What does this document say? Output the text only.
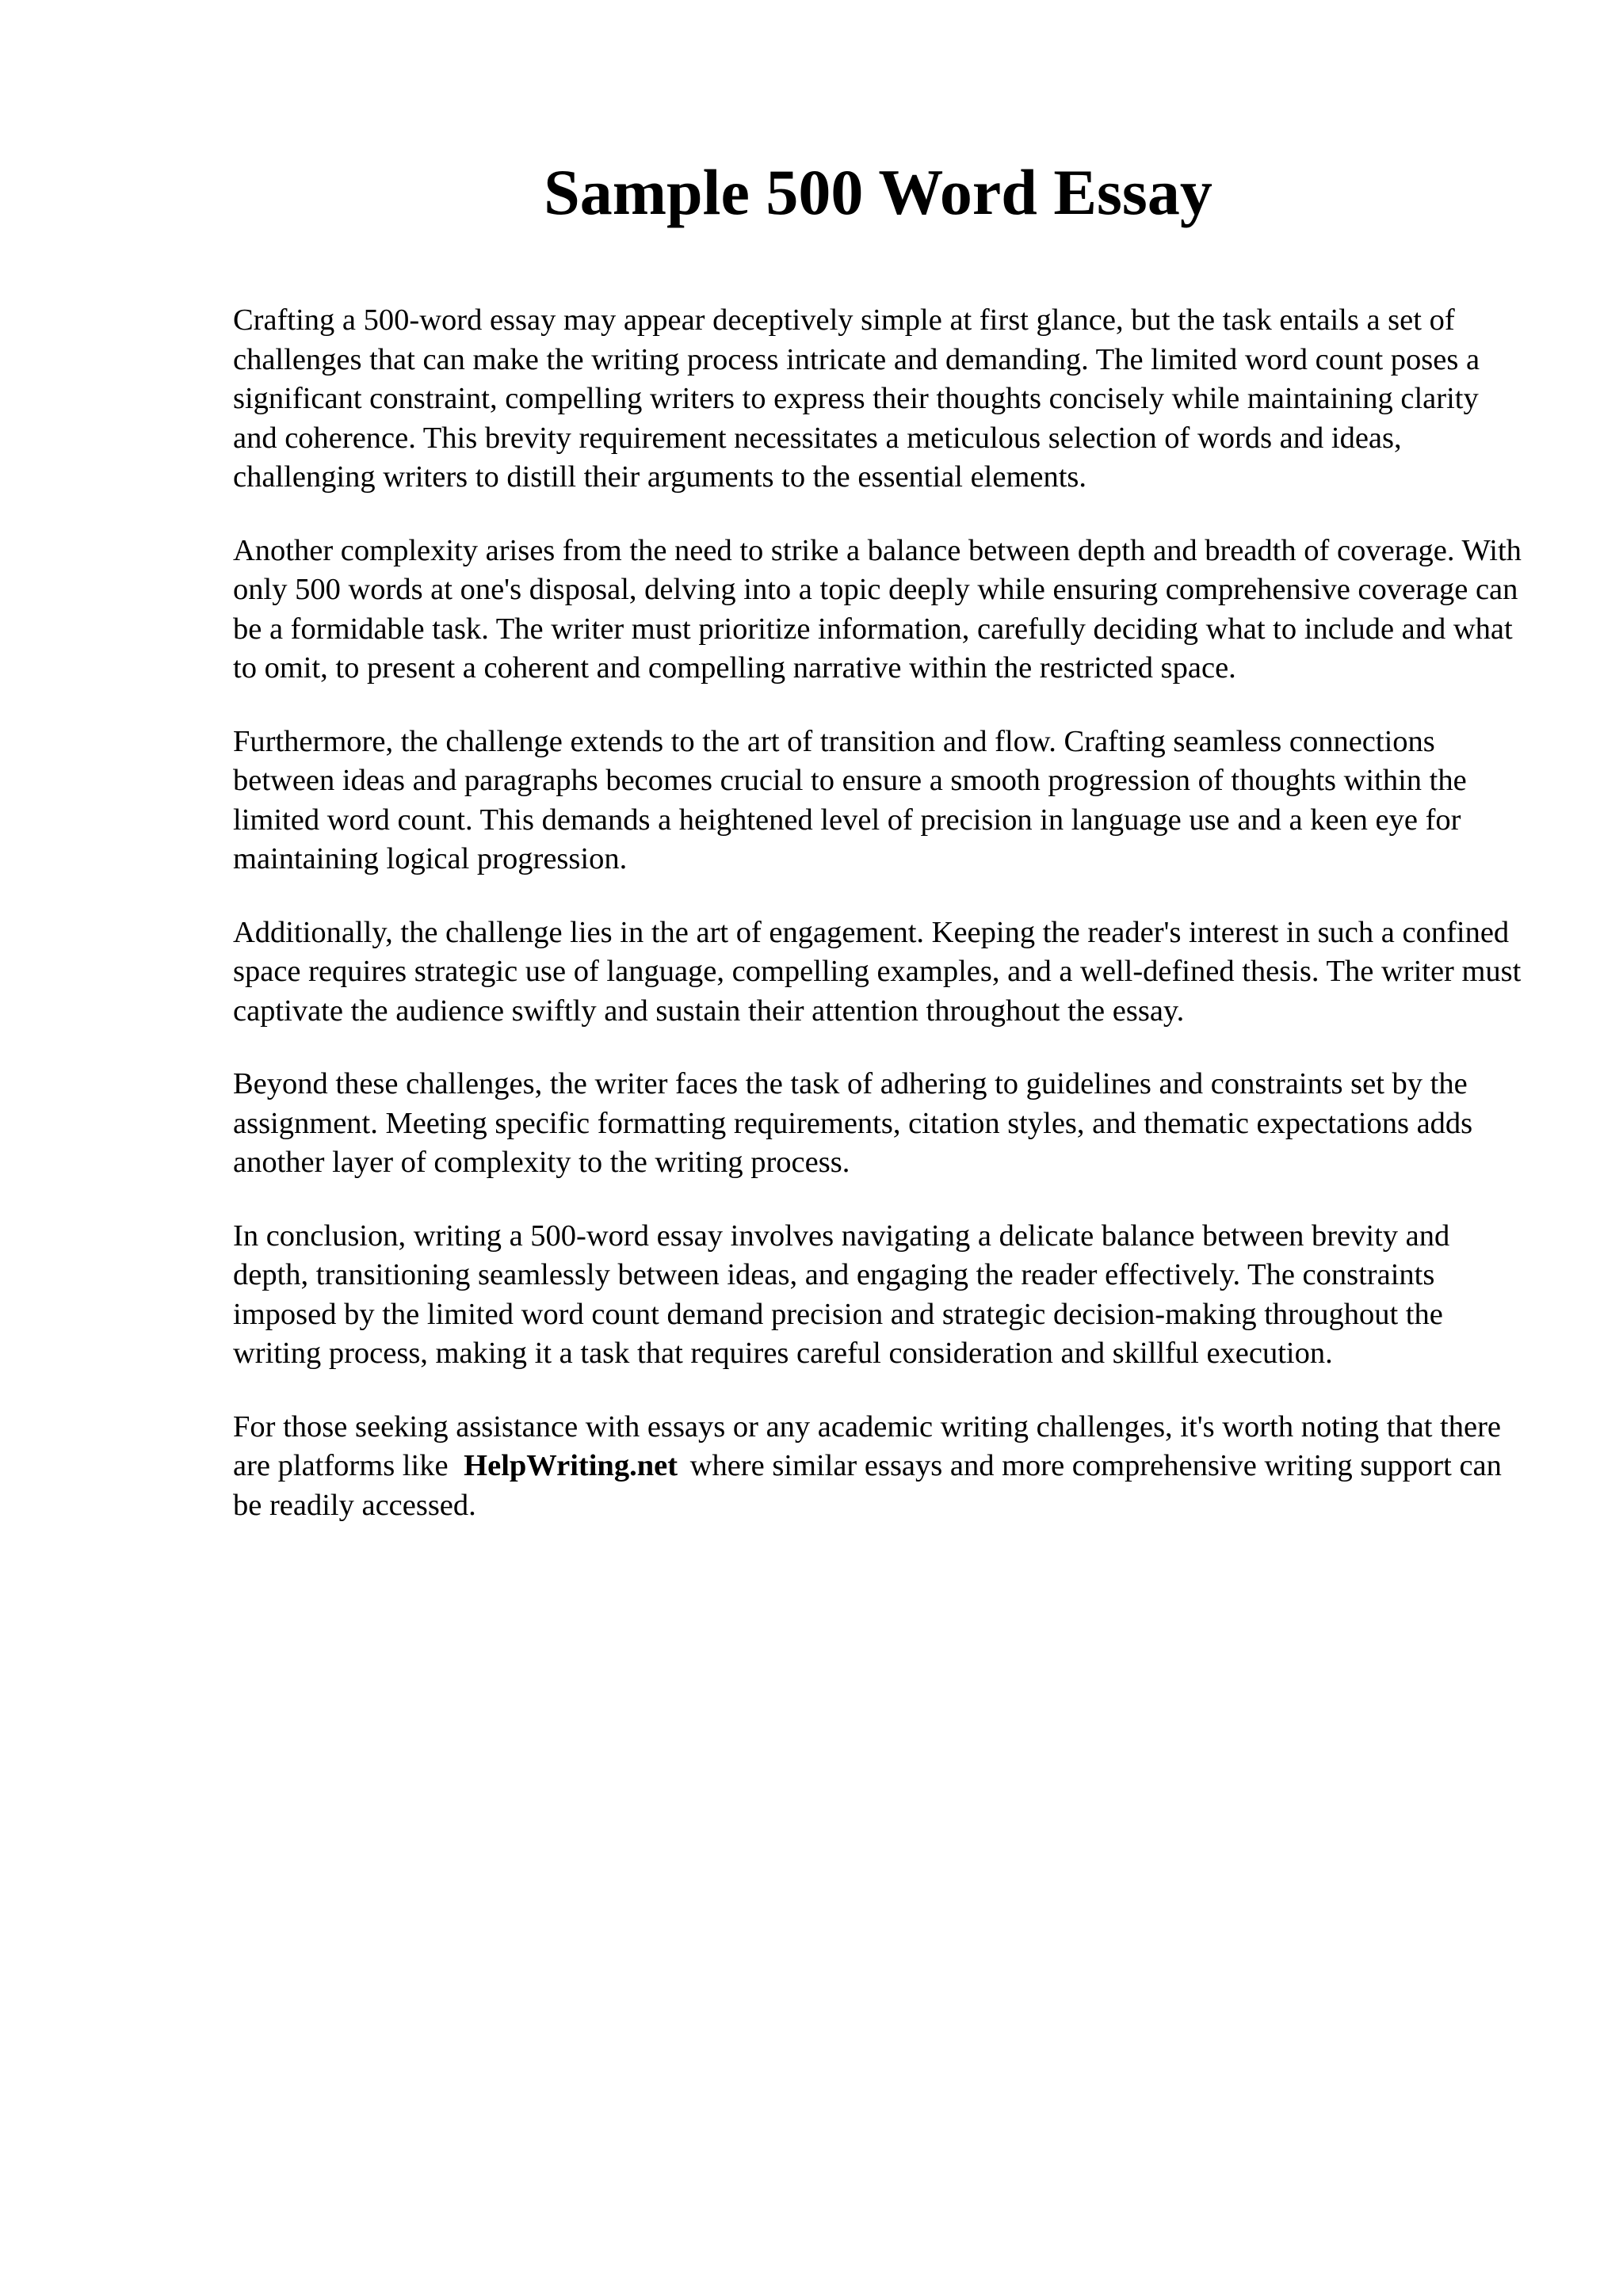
Sample 500 Word Essay

Crafting a 500-word essay may appear deceptively simple at first glance, but the task entails a set of challenges that can make the writing process intricate and demanding. The limited word count poses a significant constraint, compelling writers to express their thoughts concisely while maintaining clarity and coherence. This brevity requirement necessitates a meticulous selection of words and ideas, challenging writers to distill their arguments to the essential elements.

Another complexity arises from the need to strike a balance between depth and breadth of coverage. With only 500 words at one's disposal, delving into a topic deeply while ensuring comprehensive coverage can be a formidable task. The writer must prioritize information, carefully deciding what to include and what to omit, to present a coherent and compelling narrative within the restricted space.

Furthermore, the challenge extends to the art of transition and flow. Crafting seamless connections between ideas and paragraphs becomes crucial to ensure a smooth progression of thoughts within the limited word count. This demands a heightened level of precision in language use and a keen eye for maintaining logical progression.

Additionally, the challenge lies in the art of engagement. Keeping the reader's interest in such a confined space requires strategic use of language, compelling examples, and a well-defined thesis. The writer must captivate the audience swiftly and sustain their attention throughout the essay.

Beyond these challenges, the writer faces the task of adhering to guidelines and constraints set by the assignment. Meeting specific formatting requirements, citation styles, and thematic expectations adds another layer of complexity to the writing process.

In conclusion, writing a 500-word essay involves navigating a delicate balance between brevity and depth, transitioning seamlessly between ideas, and engaging the reader effectively. The constraints imposed by the limited word count demand precision and strategic decision-making throughout the writing process, making it a task that requires careful consideration and skillful execution.

For those seeking assistance with essays or any academic writing challenges, it's worth noting that there are platforms like HelpWriting.net where similar essays and more comprehensive writing support can be readily accessed.
